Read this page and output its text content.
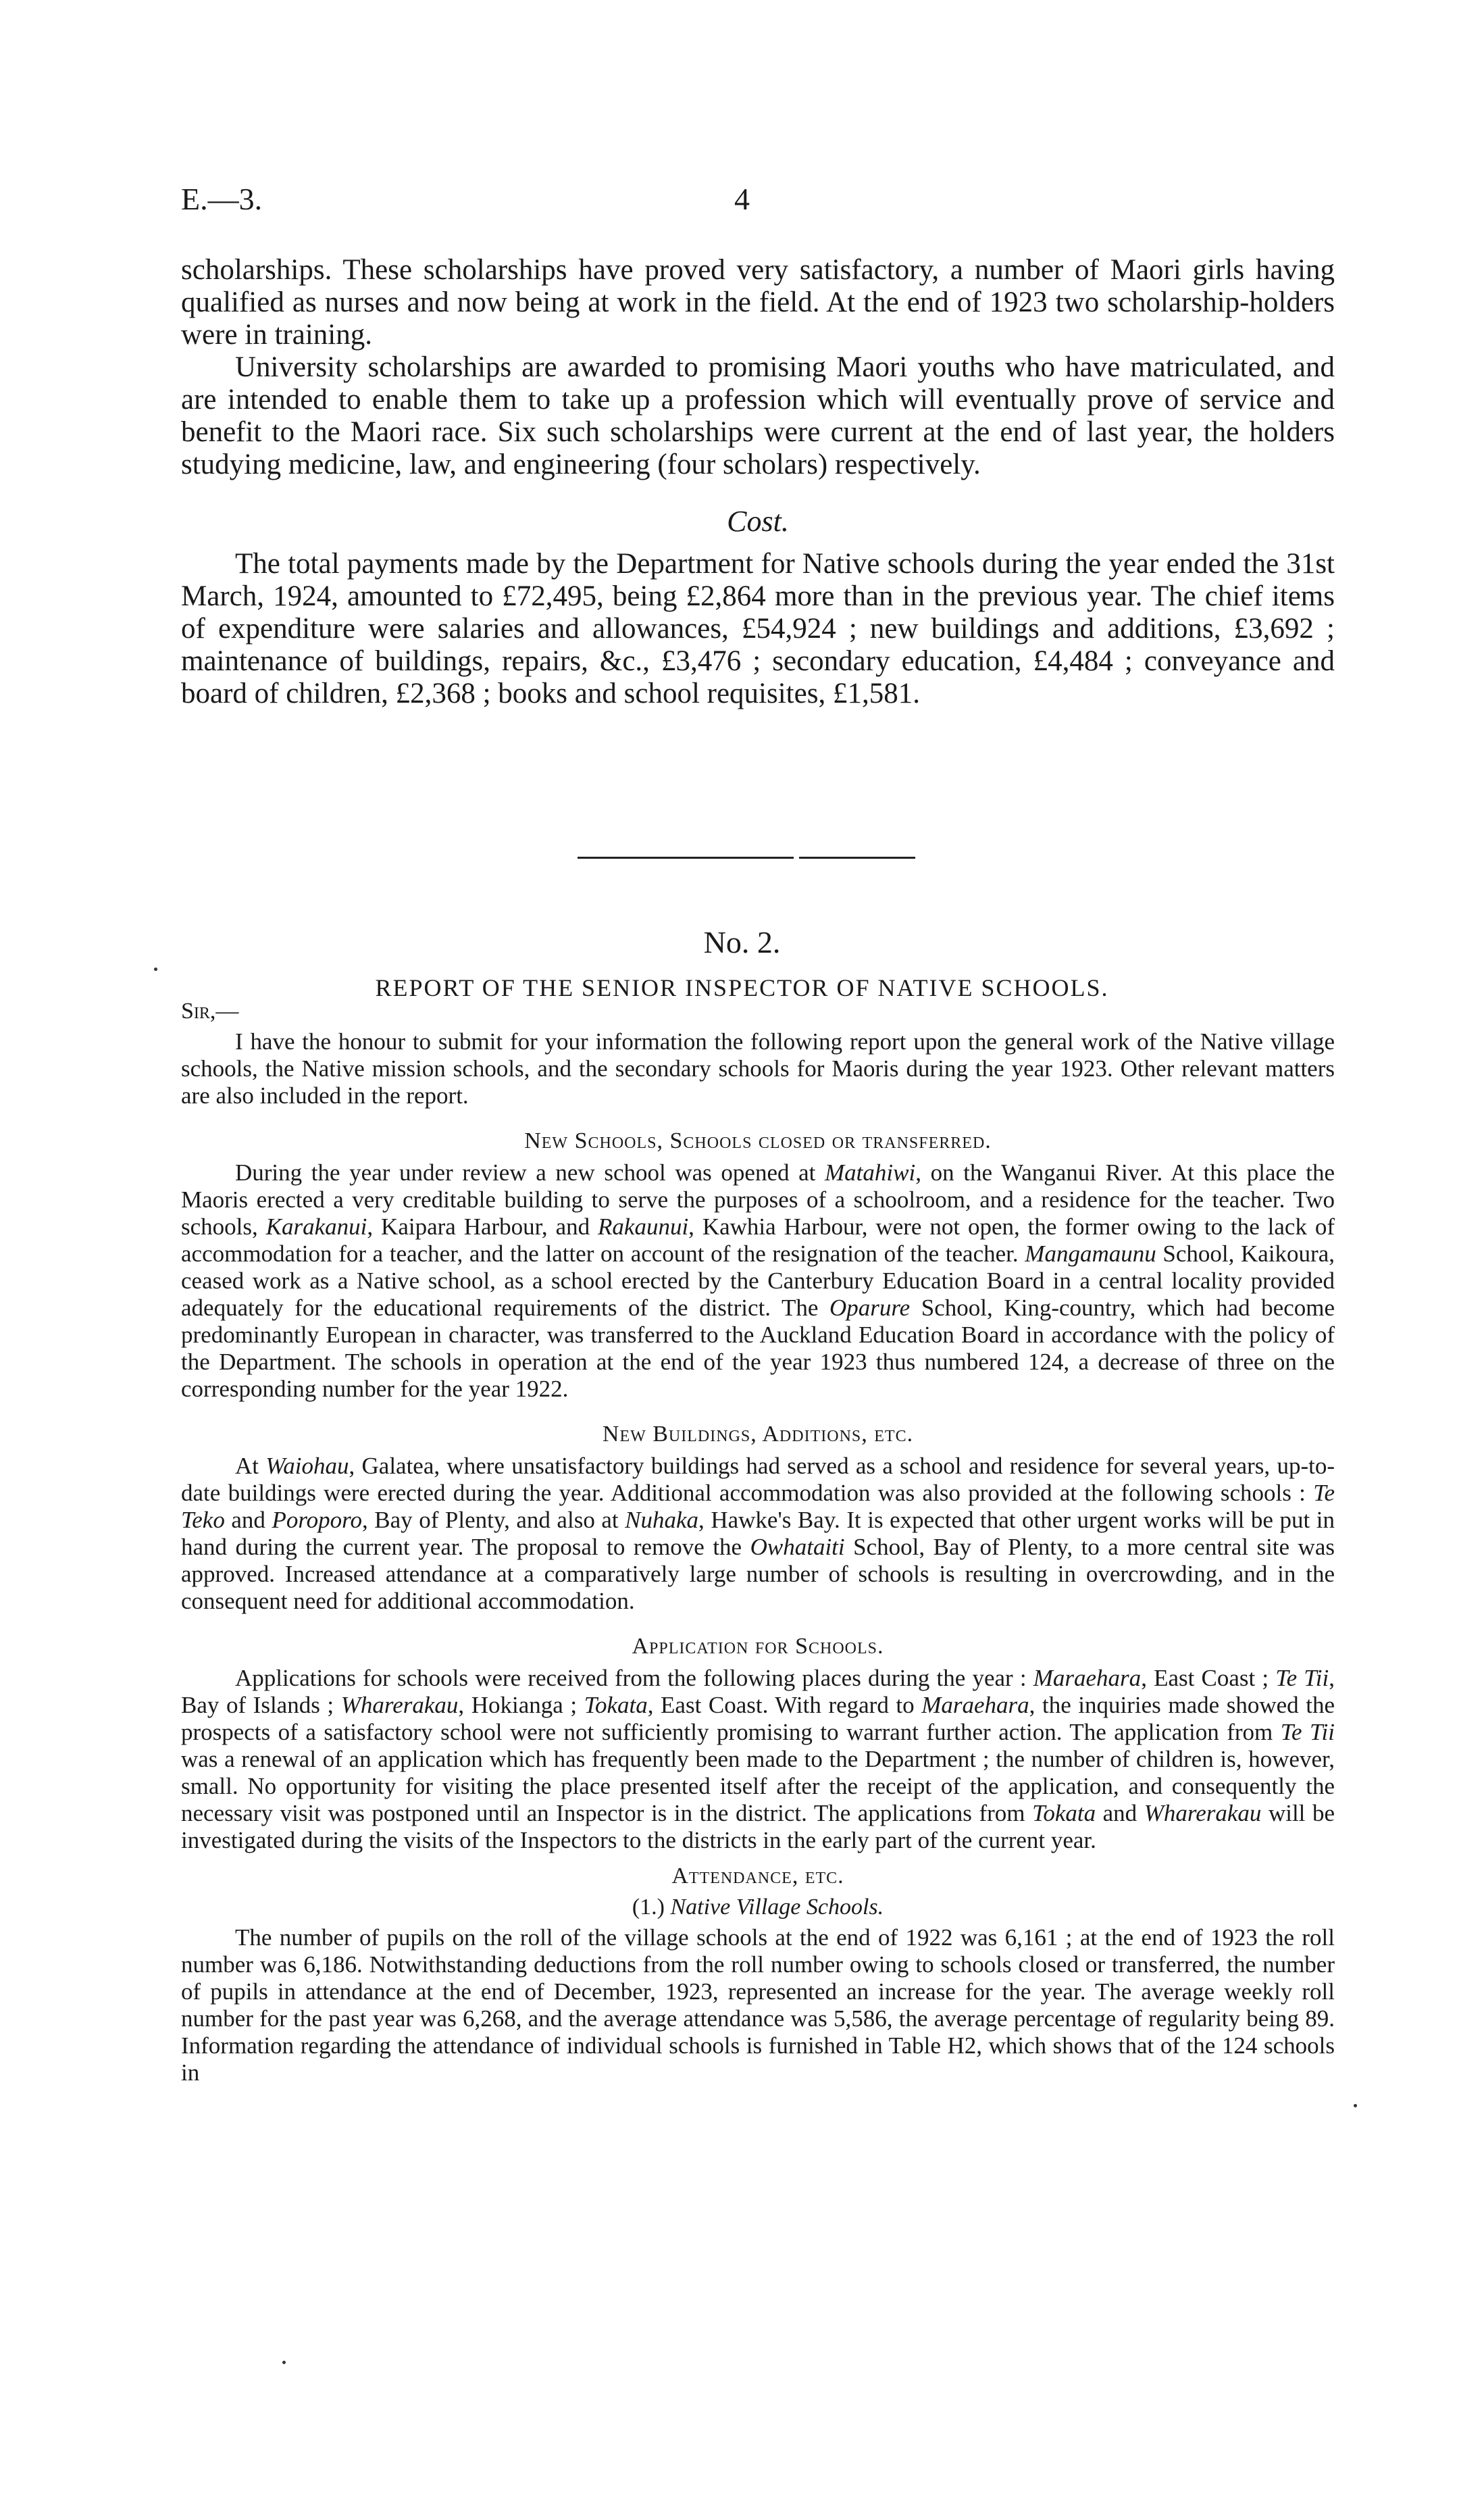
E.—3.	4

scholarships. These scholarships have proved very satisfactory, a number of Maori girls having qualified as nurses and now being at work in the field. At the end of 1923 two scholarship-holders were in training.

University scholarships are awarded to promising Maori youths who have matriculated, and are intended to enable them to take up a profession which will eventually prove of service and benefit to the Maori race. Six such scholarships were current at the end of last year, the holders studying medicine, law, and engineering (four scholars) respectively.

Cost.

The total payments made by the Department for Native schools during the year ended the 31st March, 1924, amounted to £72,495, being £2,864 more than in the previous year. The chief items of expenditure were salaries and allowances, £54,924 ; new buildings and additions, £3,692 ; maintenance of buildings, repairs, &c., £3,476 ; secondary education, £4,484 ; conveyance and board of children, £2,368 ; books and school requisites, £1,581.

No. 2.
REPORT OF THE SENIOR INSPECTOR OF NATIVE SCHOOLS.
Sir,—

I have the honour to submit for your information the following report upon the general work of the Native village schools, the Native mission schools, and the secondary schools for Maoris during the year 1923. Other relevant matters are also included in the report.

New Schools, Schools closed or transferred.

During the year under review a new school was opened at Matahiwi, on the Wanganui River. At this place the Maoris erected a very creditable building to serve the purposes of a schoolroom, and a residence for the teacher. Two schools, Karakanui, Kaipara Harbour, and Rakaunui, Kawhia Harbour, were not open, the former owing to the lack of accommodation for a teacher, and the latter on account of the resignation of the teacher. Mangamaunu School, Kaikoura, ceased work as a Native school, as a school erected by the Canterbury Education Board in a central locality provided adequately for the educational requirements of the district. The Oparure School, King-country, which had become predominantly European in character, was transferred to the Auckland Education Board in accordance with the policy of the Department. The schools in operation at the end of the year 1923 thus numbered 124, a decrease of three on the corresponding number for the year 1922.

New Buildings, Additions, etc.

At Waiohau, Galatea, where unsatisfactory buildings had served as a school and residence for several years, up-to-date buildings were erected during the year. Additional accommodation was also provided at the following schools : Te Teko and Poroporo, Bay of Plenty, and also at Nuhaka, Hawke's Bay. It is expected that other urgent works will be put in hand during the current year. The proposal to remove the Owhataiti School, Bay of Plenty, to a more central site was approved. Increased attendance at a comparatively large number of schools is resulting in overcrowding, and in the consequent need for additional accommodation.

Application for Schools.

Applications for schools were received from the following places during the year : Maraehara, East Coast ; Te Tii, Bay of Islands ; Wharerakau, Hokianga ; Tokata, East Coast. With regard to Maraehara, the inquiries made showed the prospects of a satisfactory school were not sufficiently promising to warrant further action. The application from Te Tii was a renewal of an application which has frequently been made to the Department ; the number of children is, however, small. No opportunity for visiting the place presented itself after the receipt of the application, and consequently the necessary visit was postponed until an Inspector is in the district. The applications from Tokata and Wharerakau will be investigated during the visits of the Inspectors to the districts in the early part of the current year.

Attendance, etc.
(1.) Native Village Schools.

The number of pupils on the roll of the village schools at the end of 1922 was 6,161 ; at the end of 1923 the roll number was 6,186. Notwithstanding deductions from the roll number owing to schools closed or transferred, the number of pupils in attendance at the end of December, 1923, represented an increase for the year. The average weekly roll number for the past year was 6,268, and the average attendance was 5,586, the average percentage of regularity being 89. Information regarding the attendance of individual schools is furnished in Table H2, which shows that of the 124 schools in
